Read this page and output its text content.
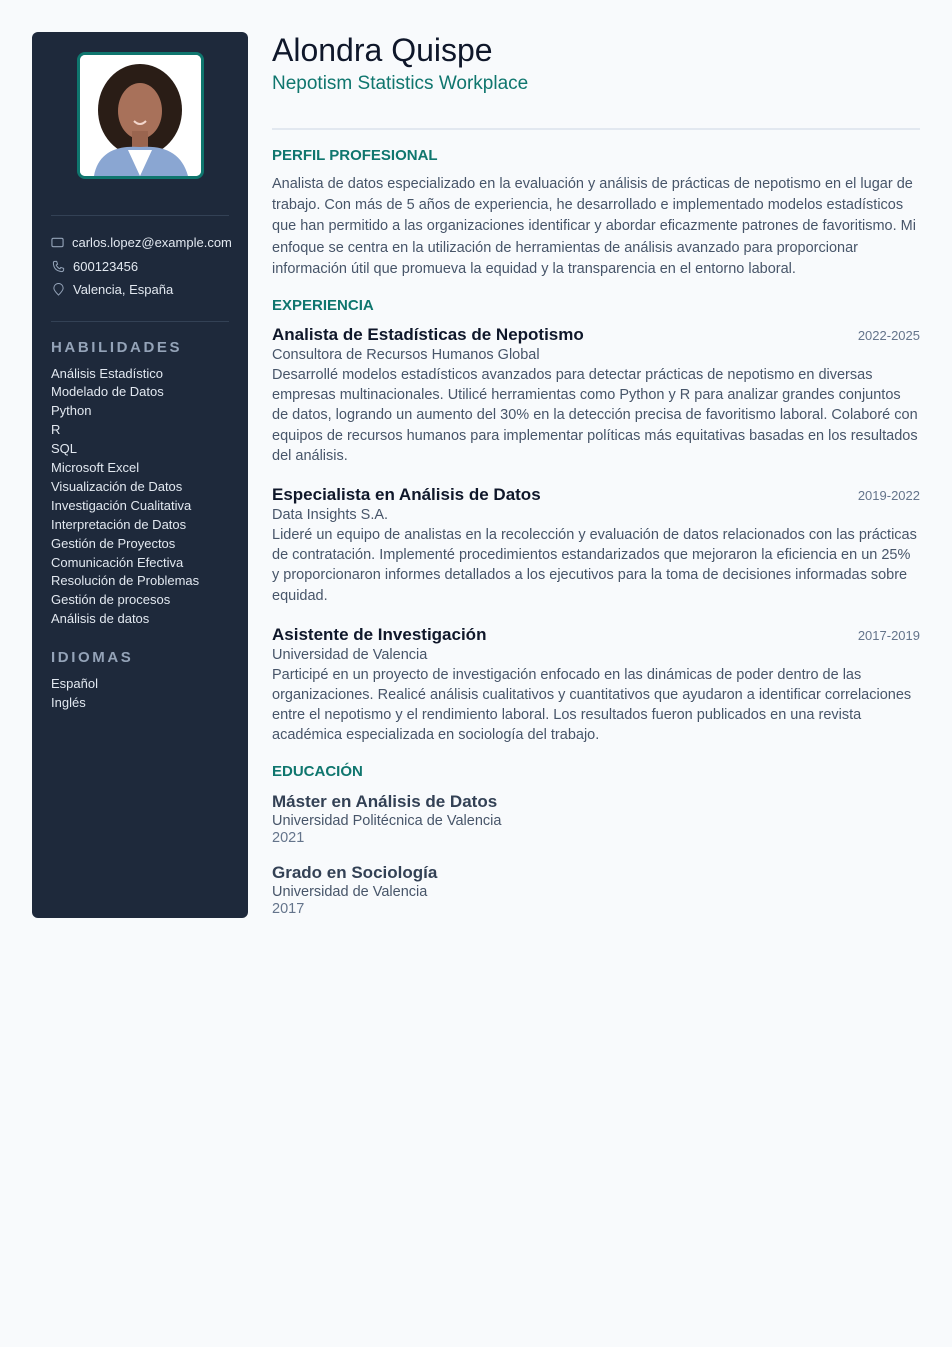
carlos.lopez@example.com
600123456
Valencia, España
HABILIDADES
Análisis Estadístico
Modelado de Datos
Python
R
SQL
Microsoft Excel
Visualización de Datos
Investigación Cualitativa
Interpretación de Datos
Gestión de Proyectos
Comunicación Efectiva
Resolución de Problemas
Gestión de procesos
Análisis de datos
IDIOMAS
Español
Inglés
Alondra Quispe
Nepotism Statistics Workplace
PERFIL PROFESIONAL

Analista de datos especializado en la evaluación y análisis de prácticas de nepotismo en el lugar de trabajo. Con más de 5 años de experiencia, he desarrollado e implementado modelos estadísticos que han permitido a las organizaciones identificar y abordar eficazmente patrones de favoritismo. Mi enfoque se centra en la utilización de herramientas de análisis avanzado para proporcionar información útil que promueva la equidad y la transparencia en el entorno laboral.

EXPERIENCIA
Analista de Estadísticas de Nepotismo	2022-2025
Consultora de Recursos Humanos Global

Desarrollé modelos estadísticos avanzados para detectar prácticas de nepotismo en diversas empresas multinacionales. Utilicé herramientas como Python y R para analizar grandes conjuntos de datos, logrando un aumento del 30% en la detección precisa de favoritismo laboral. Colaboré con equipos de recursos humanos para implementar políticas más equitativas basadas en los resultados del análisis.

Especialista en Análisis de Datos	2019-2022
Data Insights S.A.

Lideré un equipo de analistas en la recolección y evaluación de datos relacionados con las prácticas de contratación. Implementé procedimientos estandarizados que mejoraron la eficiencia en un 25% y proporcionaron informes detallados a los ejecutivos para la toma de decisiones informadas sobre equidad.

Asistente de Investigación	2017-2019
Universidad de Valencia

Participé en un proyecto de investigación enfocado en las dinámicas de poder dentro de las organizaciones. Realicé análisis cualitativos y cuantitativos que ayudaron a identificar correlaciones entre el nepotismo y el rendimiento laboral. Los resultados fueron publicados en una revista académica especializada en sociología del trabajo.

EDUCACIÓN
Máster en Análisis de Datos
Universidad Politécnica de Valencia
2021
Grado en Sociología
Universidad de Valencia
2017
